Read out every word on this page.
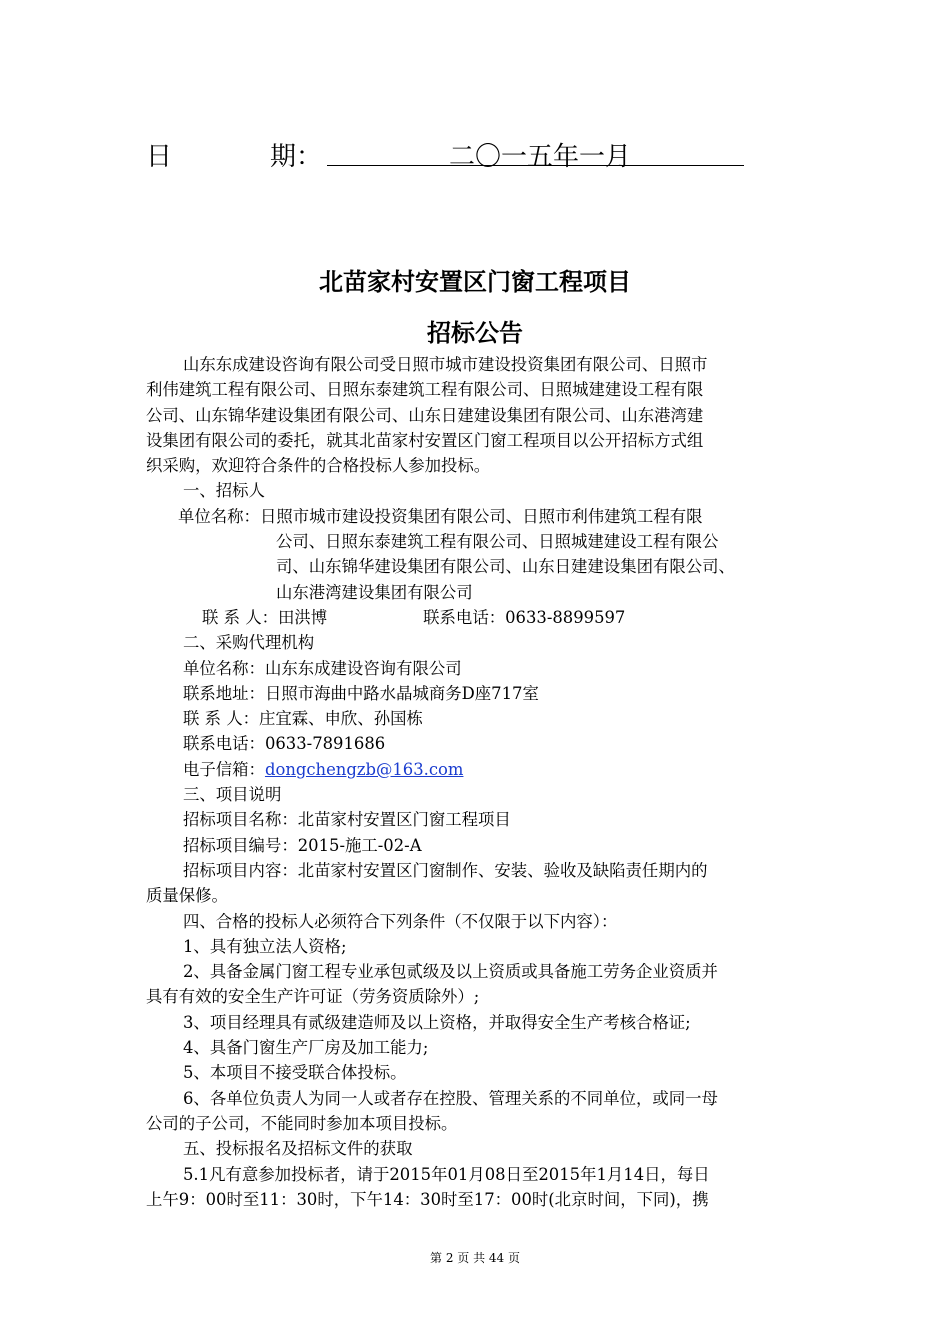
日	期：	二〇一五年一月
北苗家村安置区门窗工程项目
招标公告

山东东成建设咨询有限公司受日照市城市建设投资集团有限公司、日照市

利伟建筑工程有限公司、日照东泰建筑工程有限公司、日照城建建设工程有限

公司、山东锦华建设集团有限公司、山东日建建设集团有限公司、山东港湾建

设集团有限公司的委托，就其北苗家村安置区门窗工程项目以公开招标方式组

织采购，欢迎符合条件的合格投标人参加投标。

一、招标人

单位名称：日照市城市建设投资集团有限公司、日照市利伟建筑工程有限

公司、日照东泰建筑工程有限公司、日照城建建设工程有限公

司、山东锦华建设集团有限公司、山东日建建设集团有限公司、

山东港湾建设集团有限公司

联 系 人：田洪博	联系电话：0633-8899597

二、采购代理机构

单位名称：山东东成建设咨询有限公司

联系地址：日照市海曲中路水晶城商务D座717室

联 系 人：庄宜霖、申欣、孙国栋

联系电话：0633-7891686

电子信箱：dongchengzb@163.com

三、项目说明

招标项目名称：北苗家村安置区门窗工程项目

招标项目编号：2015-施工-02-A

招标项目内容：北苗家村安置区门窗制作、安装、验收及缺陷责任期内的

质量保修。

四、合格的投标人必须符合下列条件（不仅限于以下内容）：

1、具有独立法人资格;

2、具备金属门窗工程专业承包贰级及以上资质或具备施工劳务企业资质并

具有有效的安全生产许可证（劳务资质除外）;

3、项目经理具有贰级建造师及以上资格，并取得安全生产考核合格证;

4、具备门窗生产厂房及加工能力;

5、本项目不接受联合体投标。

6、各单位负责人为同一人或者存在控股、管理关系的不同单位，或同一母

公司的子公司，不能同时参加本项目投标。

五、投标报名及招标文件的获取

5.1凡有意参加投标者，请于2015年01月08日至2015年1月14日，每日

上午9：00时至11：30时，下午14：30时至17：00时(北京时间，下同)，携

第 2 页 共 44 页
